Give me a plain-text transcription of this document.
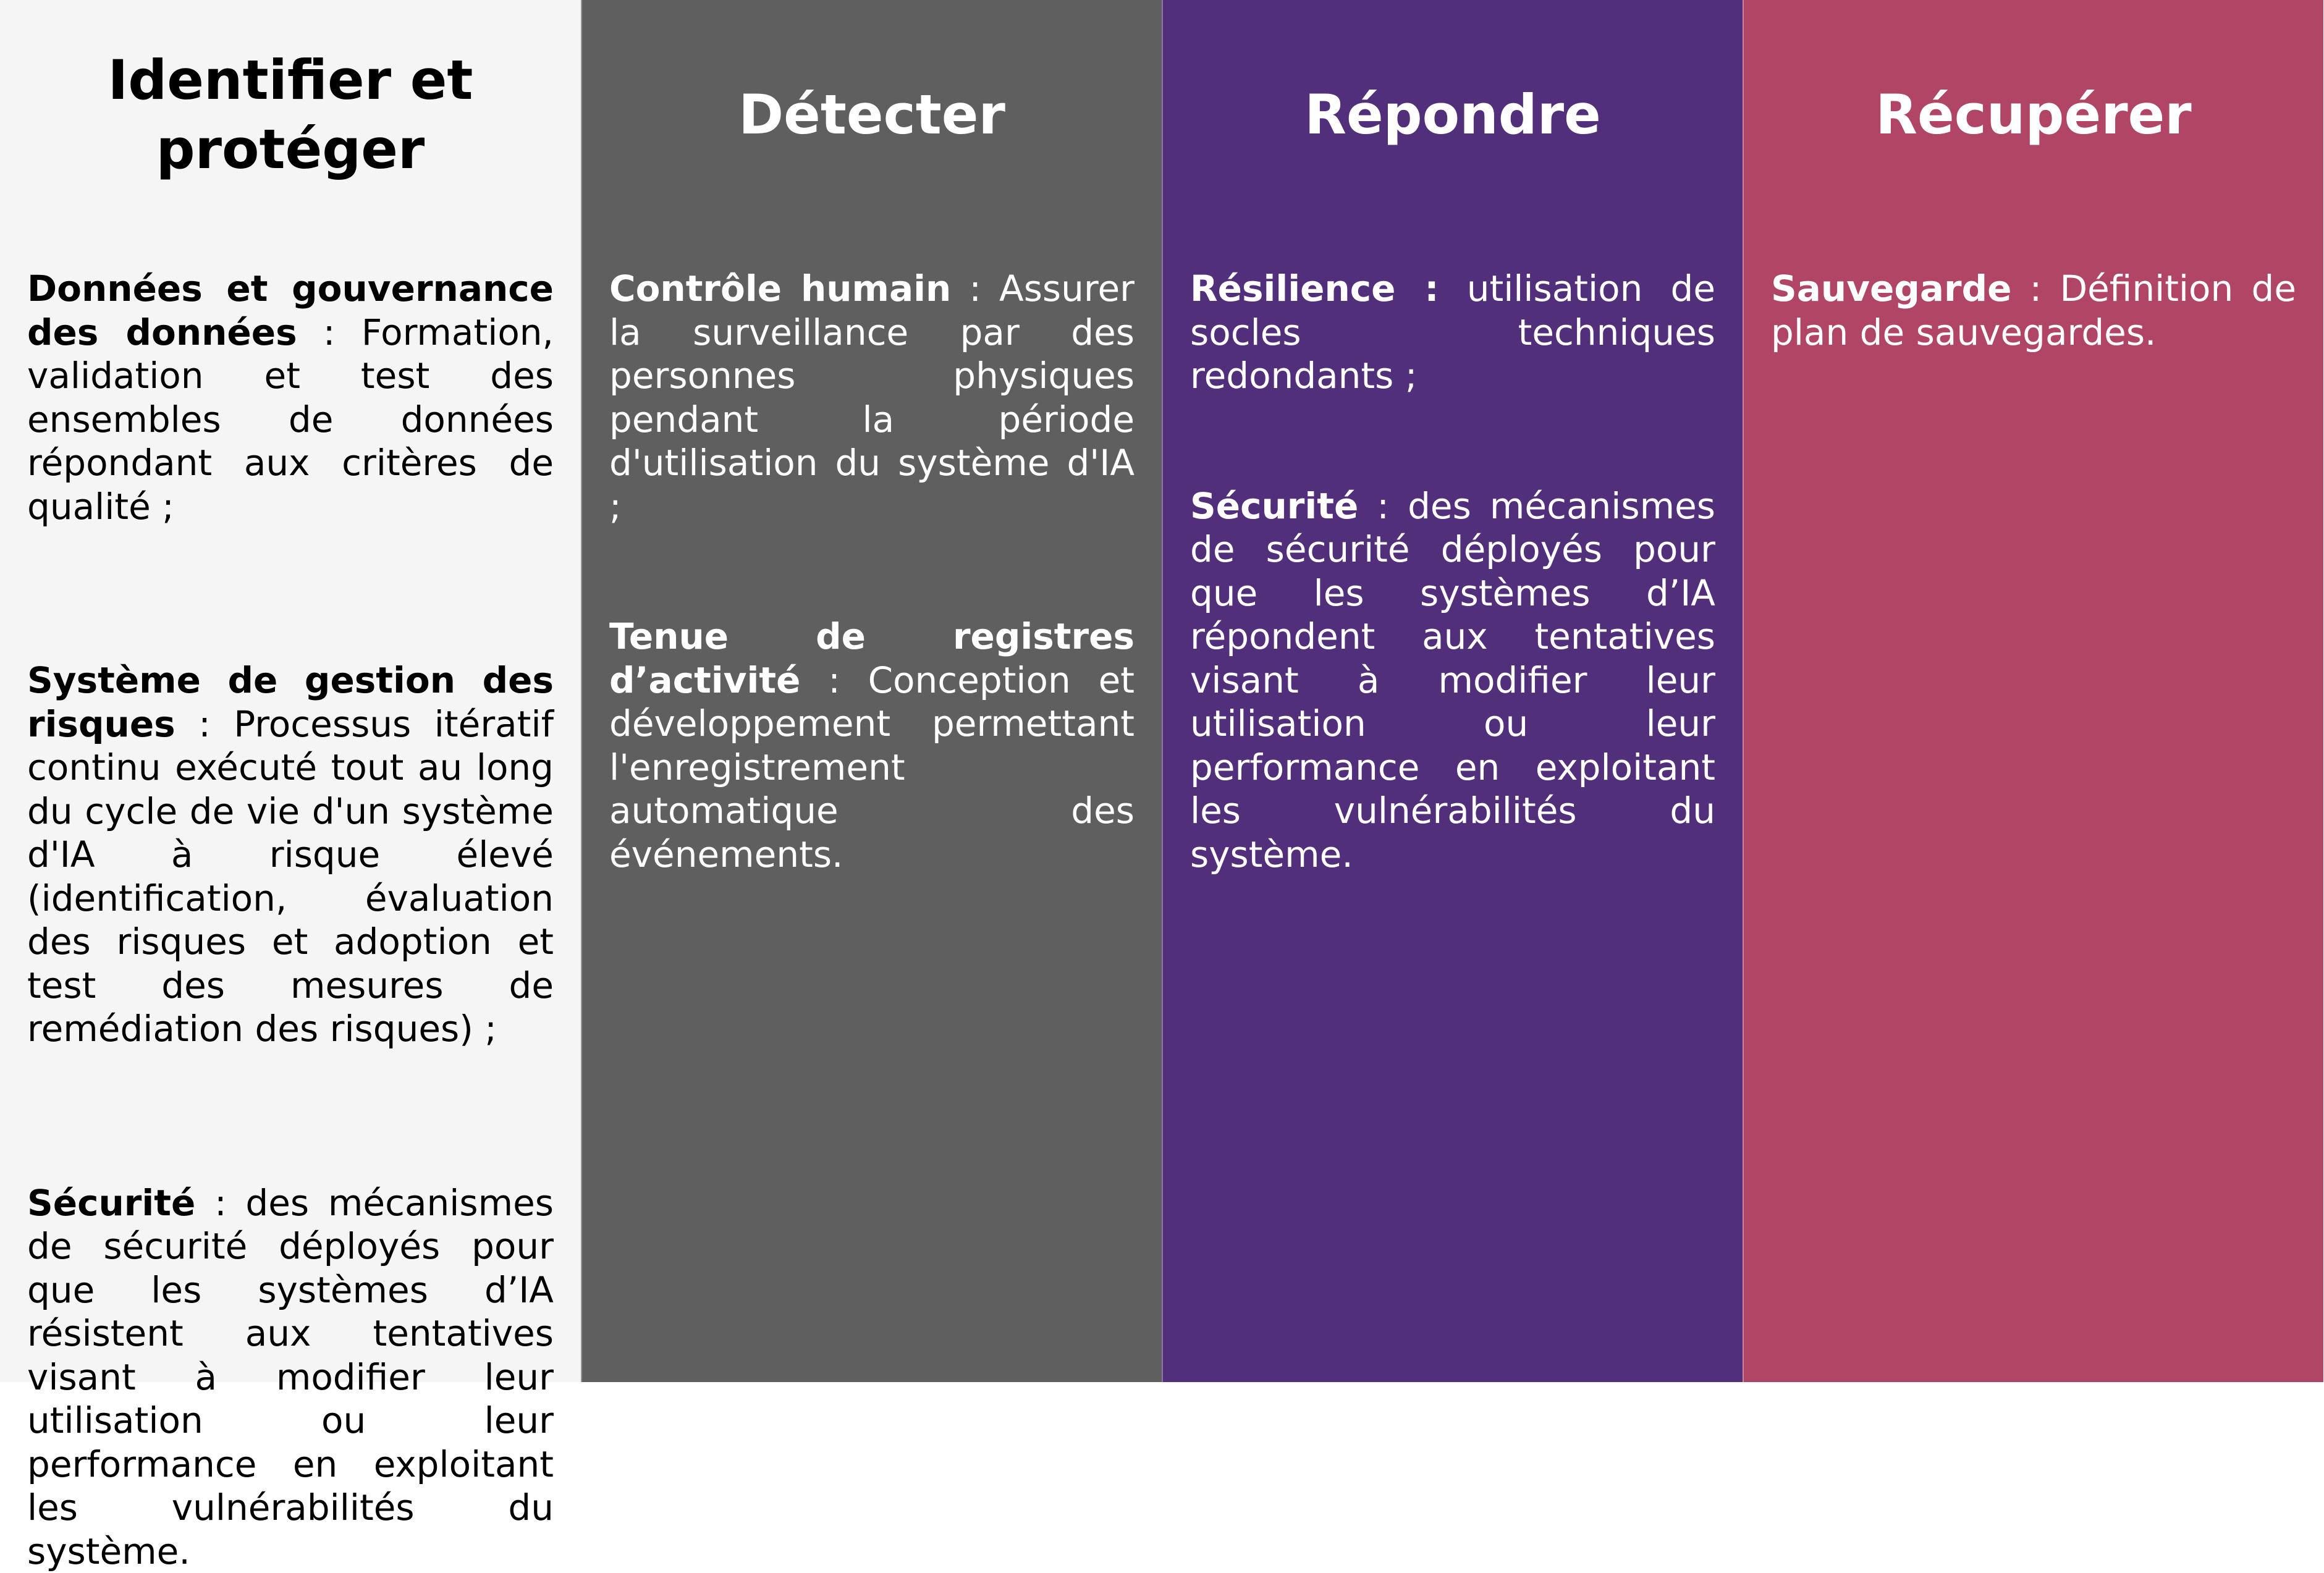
Identifier et protéger

Données et gouvernance des données : Formation, validation et test des ensembles de données répondant aux critères de qualité ;

Système de gestion des risques : Processus itératif continu exécuté tout au long du cycle de vie d'un système d'IA à risque élevé (identification, évaluation des risques et adoption et test des mesures de remédiation des risques) ;

Sécurité : des mécanismes de sécurité déployés pour que les systèmes d’IA résistent aux tentatives visant à modifier leur utilisation ou leur performance en exploitant les vulnérabilités du système.

Détecter

Contrôle humain : Assurer la surveillance par des personnes physiques pendant la période d'utilisation du système d'IA ;

Tenue de registres d’activité : Conception et développement permettant l'enregistrement automatique des événements.

Répondre

Résilience : utilisation de socles techniques redondants ;

Sécurité : des mécanismes de sécurité déployés pour que les systèmes d’IA répondent aux tentatives visant à modifier leur utilisation ou leur performance en exploitant les vulnérabilités du système.

Récupérer

Sauvegarde : Définition de plan de sauvegardes.
